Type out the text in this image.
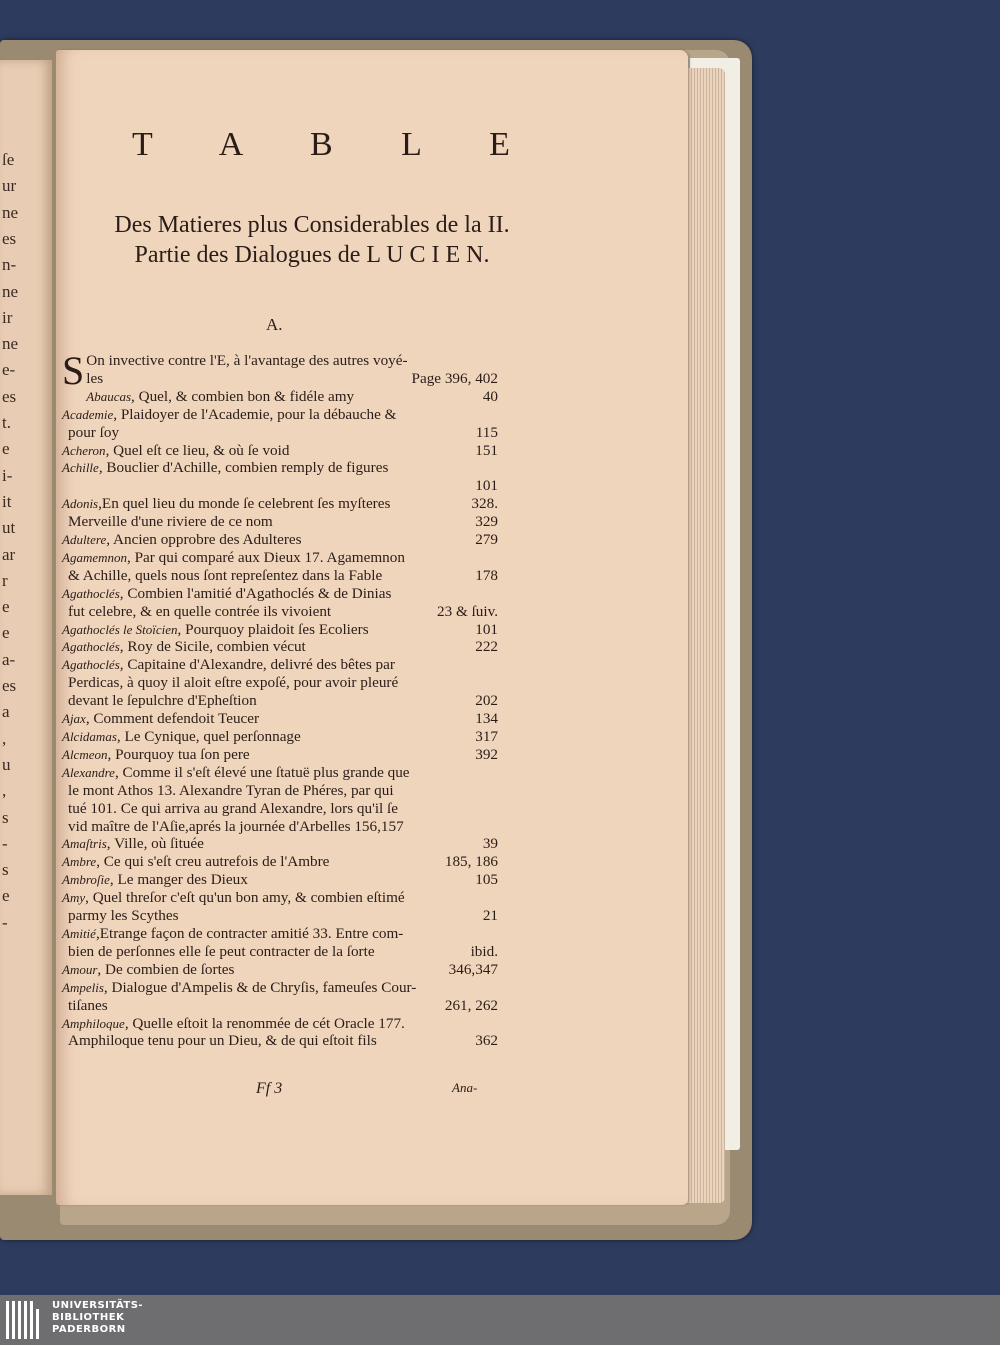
ſe
ur
ne
es
n-
ne
ir
ne
e-
es
t.
e
i-
it
ut
ar
r
e
e
a-
es
a
,
u
,
s
-
s
e
-
T A B L E
Des Matieres plus Considerables de la II.
Partie des Dialogues de L U C I E N.
A.
S On invective contre l'E, à l'avantage des autres voyé-
les	Page 396, 402
Abaucas, Quel, & combien bon & fidéle amy	40
Academie, Plaidoyer de l'Academie, pour la débauche &
pour ſoy	115
Acheron, Quel eſt ce lieu, & où ſe void	151
Achille, Bouclier d'Achille, combien remply de figures
101
Adonis,En quel lieu du monde ſe celebrent ſes myſteres	328.
Merveille d'une riviere de ce nom	329
Adultere, Ancien opprobre des Adulteres	279
Agamemnon, Par qui comparé aux Dieux 17. Agamemnon
& Achille, quels nous ſont repreſentez dans la Fable	178
Agathoclés, Combien l'amitié d'Agathoclés & de Dinias
fut celebre, & en quelle contrée ils vivoient	23 & ſuiv.
Agathoclés le Stoïcien, Pourquoy plaidoit ſes Ecoliers	101
Agathoclés, Roy de Sicile, combien vécut	222
Agathoclés, Capitaine d'Alexandre, delivré des bêtes par
Perdicas, à quoy il aloit eſtre expoſé, pour avoir pleuré
devant le ſepulchre d'Epheſtion	202
Ajax, Comment defendoit Teucer	134
Alcidamas, Le Cynique, quel perſonnage	317
Alcmeon, Pourquoy tua ſon pere	392
Alexandre, Comme il s'eſt élevé une ſtatuë plus grande que
le mont Athos 13. Alexandre Tyran de Phéres, par qui
tué 101. Ce qui arriva au grand Alexandre, lors qu'il ſe
vid maître de l'Aſie,aprés la journée d'Arbelles 156,157
Amaſtris, Ville, où ſituée	39
Ambre, Ce qui s'eſt creu autrefois de l'Ambre	185, 186
Ambroſie, Le manger des Dieux	105
Amy, Quel threſor c'eſt qu'un bon amy, & combien eſtimé
parmy les Scythes	21
Amitié,Etrange façon de contracter amitié 33. Entre com-
bien de perſonnes elle ſe peut contracter de la ſorte	ibid.
Amour, De combien de ſortes	346,347
Ampelis, Dialogue d'Ampelis & de Chryſis, fameuſes Cour-
tiſanes	261, 262
Amphiloque, Quelle eſtoit la renommée de cét Oracle 177.
Amphiloque tenu pour un Dieu, & de qui eſtoit fils	362
Ff 3	Ana-
UNIVERSITÄTS-
BIBLIOTHEK
PADERBORN
